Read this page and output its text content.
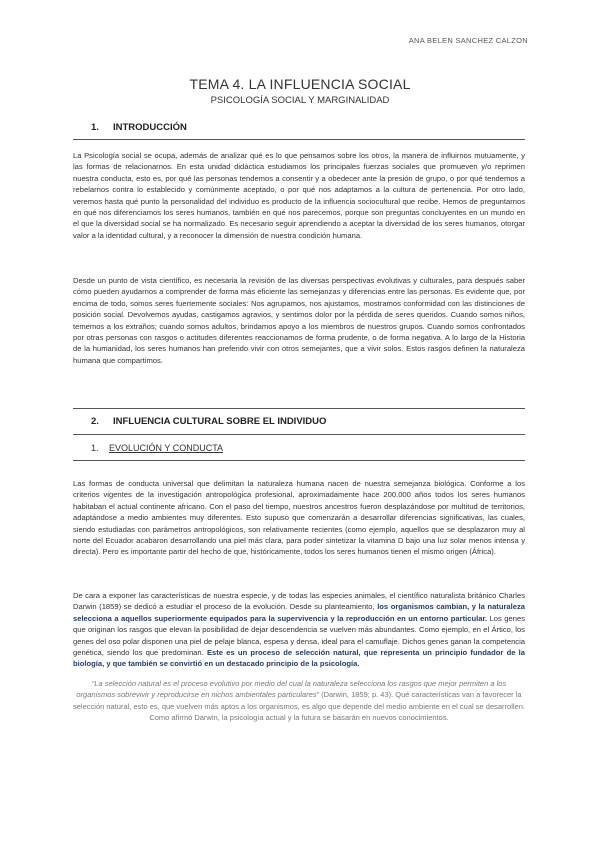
ANA BELEN SANCHEZ CALZON
TEMA 4. LA INFLUENCIA SOCIAL
PSICOLOGÍA SOCIAL Y MARGINALIDAD
1. INTRODUCCIÓN
La Psicología social se ocupa, además de analizar qué es lo que pensamos sobre los otros, la manera de influirnos mutuamente, y las formas de relacionarnos. En esta unidad didáctica estudiamos los principales fuerzas sociales que promueven y/o reprimen nuestra conducta, esto es, por qué las personas tendemos a consentir y a obedecer ante la presión de grupo, o por qué tendemos a rebelarnos contra lo establecido y comúnmente aceptado, o por qué nos adaptamos a la cultura de pertenencia. Por otro lado, veremos hasta qué punto la personalidad del individuo es producto de la influencia sociocultural que recibe. Hemos de preguntarnos en qué nos diferenciamos los seres humanos, también en qué nos parecemos, porque son preguntas concluyentes en un mundo en el que la diversidad social se ha normalizado. Es necesario seguir aprendiendo a aceptar la diversidad de los seres humanos, otorgar valor a la identidad cultural, y a reconocer la dimensión de nuestra condición humana.
Desde un punto de vista científico, es necesaria la revisión de las diversas perspectivas evolutivas y culturales, para después saber cómo pueden ayudarnos a comprender de forma más eficiente las semejanzas y diferencias entre las personas. Es evidente que, por encima de todo, somos seres fuertemente sociales: Nos agrupamos, nos ajustamos, mostramos conformidad con las distinciones de posición social. Devolvemos ayudas, castigamos agravios, y sentimos dolor por la pérdida de seres queridos. Cuando somos niños, tememos a los extraños; cuando somos adultos, brindamos apoyo a los miembros de nuestros grupos. Cuando somos confrontados por otras personas con rasgos o actitudes diferentes reaccionamos de forma prudente, o de forma negativa. A lo largo de la Historia de la humanidad, los seres humanos han preferido vivir con otros semejantes, que a vivir solos. Estos rasgos definen la naturaleza humana que compartimos.
2. INFLUENCIA CULTURAL SOBRE EL INDIVIDUO
1. EVOLUCIÓN Y CONDUCTA
Las formas de conducta universal que delimitan la naturaleza humana nacen de nuestra semejanza biológica. Conforme a los criterios vigentes de la investigación antropológica profesional, aproximadamente hace 200.000 años todos los seres humanos habitaban el actual continente africano. Con el paso del tiempo, nuestros ancestros fueron desplazándose por multitud de territorios, adaptándose a medio ambientes muy diferentes. Esto supuso que comenzarán a desarrollar diferencias significativas, las cuales, siendo estudiadas con parámetros antropológicos, son relativamente recientes (como ejemplo, aquellos que se desplazaron muy al norte del Ecuador acabaron desarrollando una piel más clara, para poder sintetizar la vitamina D bajo una luz solar menos intensa y directa). Pero es importante partir del hecho de que, históricamente, todos los seres humanos tienen el mismo origen (África).
De cara a exponer las características de nuestra especie, y de todas las especies animales, el científico naturalista británico Charles Darwin (1859) se dedicó a estudiar el proceso de la evolución. Desde su planteamiento, los organismos cambian, y la naturaleza selecciona a aquellos superiormente equipados para la supervivencia y la reproducción en un entorno particular. Los genes que originan los rasgos que elevan la posibilidad de dejar descendencia se vuelven más abundantes. Como ejemplo, en el Ártico, los genes del oso polar disponen una piel de pelaje blanca, espesa y densa, ideal para el camuflaje. Dichos genes ganan la competencia genética, siendo los que predominan. Este es un proceso de selección natural, que representa un principio fundador de la biología, y que también se convirtió en un destacado principio de la psicología.
“La selección natural es el proceso evolutivo por medio del cual la naturaleza selecciona los rasgos que mejor permiten a los organismos sobrevivir y reproducirse en nichos ambientales particulares” (Darwin, 1859; p. 43). Qué características van a favorecer la selección natural, esto es, que vuelven más aptos a los organismos, es algo que depende del medio ambiente en el cual se desarrollen. Como afirmó Darwin, la psicología actual y la futura se basarán en nuevos conocimientos.
